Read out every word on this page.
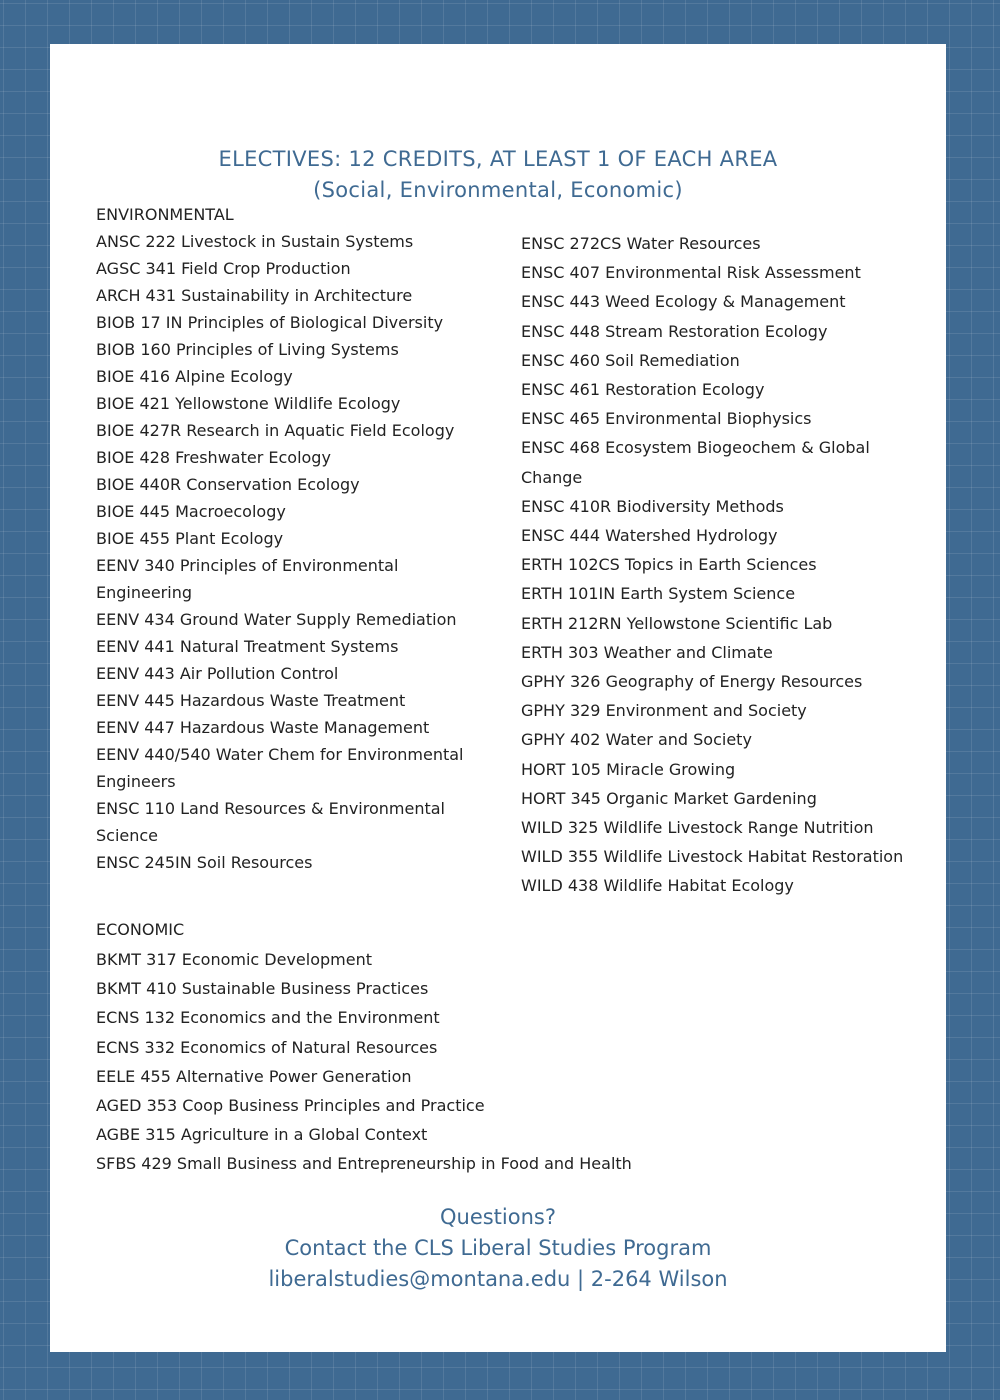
ELECTIVES: 12 CREDITS, AT LEAST 1 OF EACH AREA
(Social, Environmental, Economic)
ENVIRONMENTAL
ANSC 222 Livestock in Sustain Systems
AGSC 341 Field Crop Production
ARCH 431 Sustainability in Architecture
BIOB 17 IN Principles of Biological Diversity
BIOB 160 Principles of Living Systems
BIOE 416 Alpine Ecology
BIOE 421 Yellowstone Wildlife Ecology
BIOE 427R Research in Aquatic Field Ecology
BIOE 428 Freshwater Ecology
BIOE 440R Conservation Ecology
BIOE 445 Macroecology
BIOE 455 Plant Ecology
EENV 340 Principles of Environmental Engineering
EENV 434 Ground Water Supply Remediation
EENV 441 Natural Treatment Systems
EENV 443 Air Pollution Control
EENV 445 Hazardous Waste Treatment
EENV 447 Hazardous Waste Management
EENV 440/540 Water Chem for Environmental Engineers
ENSC 110 Land Resources & Environmental Science
ENSC 245IN Soil Resources
ENSC 272CS Water Resources
ENSC 407 Environmental Risk Assessment
ENSC 443 Weed Ecology & Management
ENSC 448 Stream Restoration Ecology
ENSC 460 Soil Remediation
ENSC 461 Restoration Ecology
ENSC 465 Environmental Biophysics
ENSC 468 Ecosystem Biogeochem & Global Change
ENSC 410R Biodiversity Methods
ENSC 444 Watershed Hydrology
ERTH 102CS Topics in Earth Sciences
ERTH 101IN Earth System Science
ERTH 212RN Yellowstone Scientific Lab
ERTH 303 Weather and Climate
GPHY 326 Geography of Energy Resources
GPHY 329 Environment and Society
GPHY 402 Water and Society
HORT 105 Miracle Growing
HORT 345 Organic Market Gardening
WILD 325 Wildlife Livestock Range Nutrition
WILD 355 Wildlife Livestock Habitat Restoration
WILD 438 Wildlife Habitat Ecology
ECONOMIC
BKMT 317 Economic Development
BKMT 410 Sustainable Business Practices
ECNS 132 Economics and the Environment
ECNS 332 Economics of Natural Resources
EELE 455 Alternative Power Generation
AGED 353 Coop Business Principles and Practice
AGBE 315 Agriculture in a Global Context
SFBS 429 Small Business and Entrepreneurship in Food and Health
Questions?
Contact the CLS Liberal Studies Program
liberalstudies@montana.edu | 2-264 Wilson
